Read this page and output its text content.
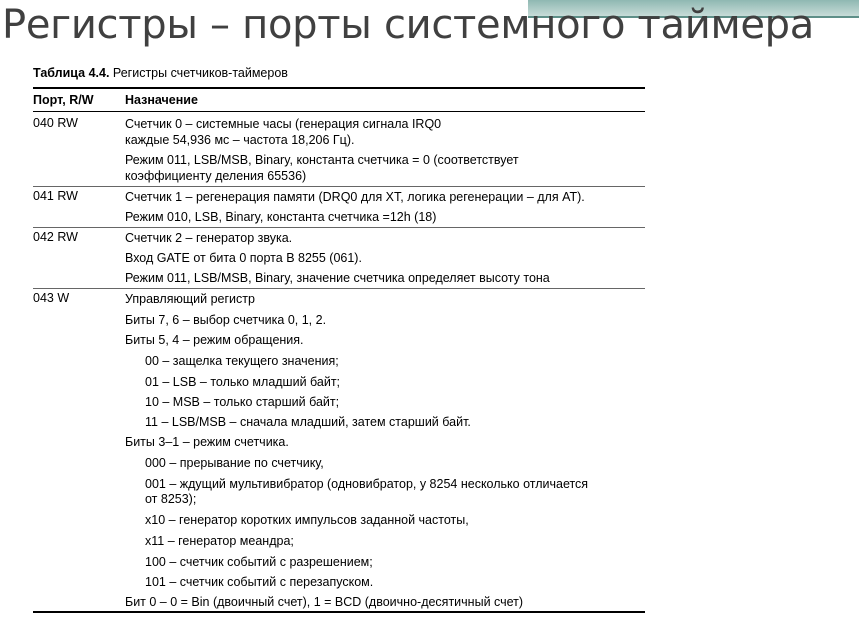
Регистры – порты системного таймера
Таблица 4.4. Регистры счетчиков-таймеров
Порт, R/W	Назначение
040 RW	Счетчик 0 – системные часы (генерация сигнала IRQ0
каждые 54,936 мс – частота 18,206 Гц).
Режим 011, LSB/MSB, Binary, константа счетчика = 0 (соответствует
коэффициенту деления 65536)
041 RW	Счетчик 1 – регенерация памяти (DRQ0 для XT, логика регенерации – для AT).
Режим 010, LSB, Binary, константа счетчика =12h (18)
042 RW	Счетчик 2 – генератор звука.
Вход GATE от бита 0 порта В 8255 (061).
Режим 011, LSB/MSB, Binary, значение счетчика определяет высоту тона
043 W	Управляющий регистр
Биты 7, 6 – выбор счетчика 0, 1, 2.
Биты 5, 4 – режим обращения.
00 – защелка текущего значения;
01 – LSB – только младший байт;
10 – MSB – только старший байт;
11 – LSB/MSB – сначала младший, затем старший байт.
Биты 3–1 – режим счетчика.
000 – прерывание по счетчику,
001 – ждущий мультивибратор (одновибратор, у 8254 несколько отличается
от 8253);
x10 – генератор коротких импульсов заданной частоты,
x11 – генератор меандра;
100 – счетчик событий с разрешением;
101 – счетчик событий с перезапуском.
Бит 0 – 0 = Bin (двоичный счет), 1 = BCD (двоично-десятичный счет)
